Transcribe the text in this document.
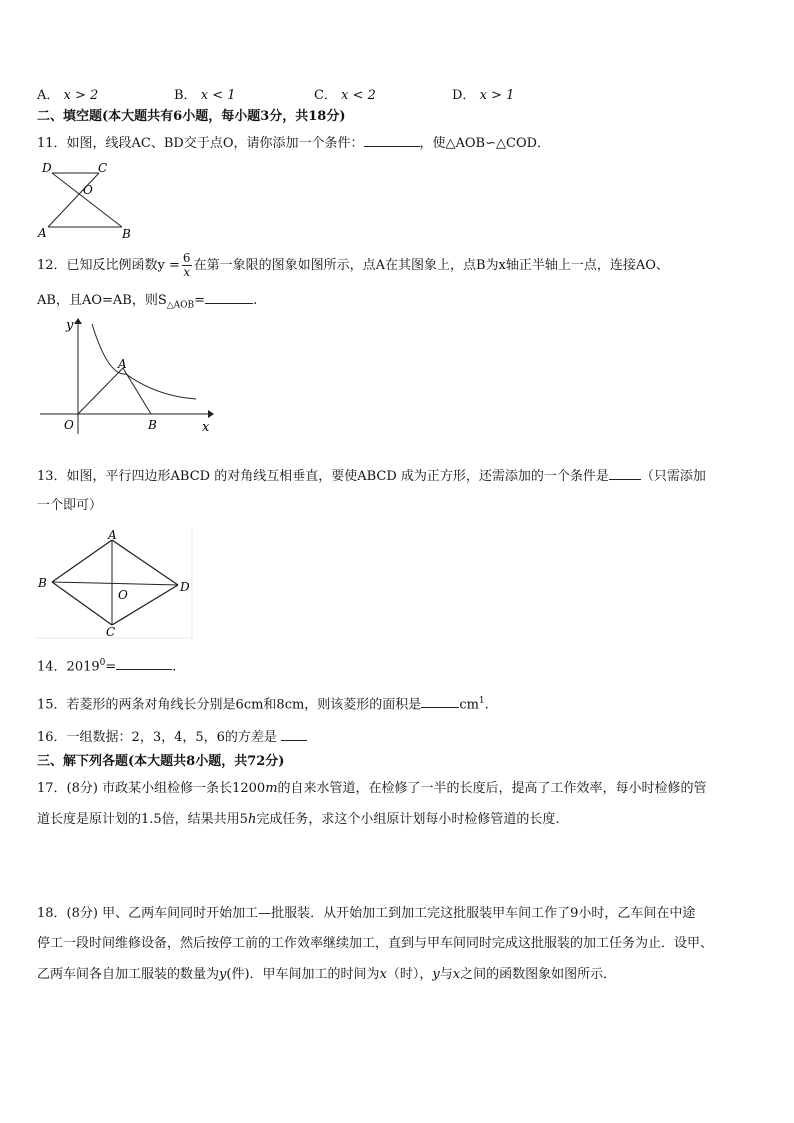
A． x > 2	B． x < 1	C． x < 2	D． x > 1
二、填空题(本大题共有6小题，每小题3分，共18分)
11．如图，线段AC、BD交于点O，请你添加一个条件：	，使△AOB∽△COD．
D	C
O
A	B
12．已知反比例函数$y = \frac{6}{x}$ 在第一象限的图象如图所示，点A在其图象上，点B为x轴正半轴上一点，连接AO、
AB，且AO=AB，则$S_{\triangle AOB}=$	.
y
A
O	B	x
13．如图，平行四边形ABCD 的对角线互相垂直，要使ABCD 成为正方形，还需添加的一个条件是 （只需添加
一个即可）
A
B
O
D
C
14．$2019^0=$	.
15．若菱形的两条对角线长分别是6cm和8cm，则该菱形的面积是	$cm^1$.
16．一组数据：2，3，4，5，6的方差是
三、解下列各题(本大题共8小题，共72分)
17．(8分) 市政某小组检修一条长1200m的自来水管道，在检修了一半的长度后，提高了工作效率，每小时检修的管
道长度是原计划的1.5倍，结果共用5h完成任务，求这个小组原计划每小时检修管道的长度.
18．(8分) 甲、乙两车间同时开始加工—批服装．从开始加工到加工完这批服装甲车间工作了9小时，乙车间在中途
停工一段时间维修设备，然后按停工前的工作效率继续加工，直到与甲车间同时完成这批服装的加工任务为止．设甲、
乙两车间各自加工服装的数量为y(件)．甲车间加工的时间为x（时），y与x之间的函数图象如图所示．
